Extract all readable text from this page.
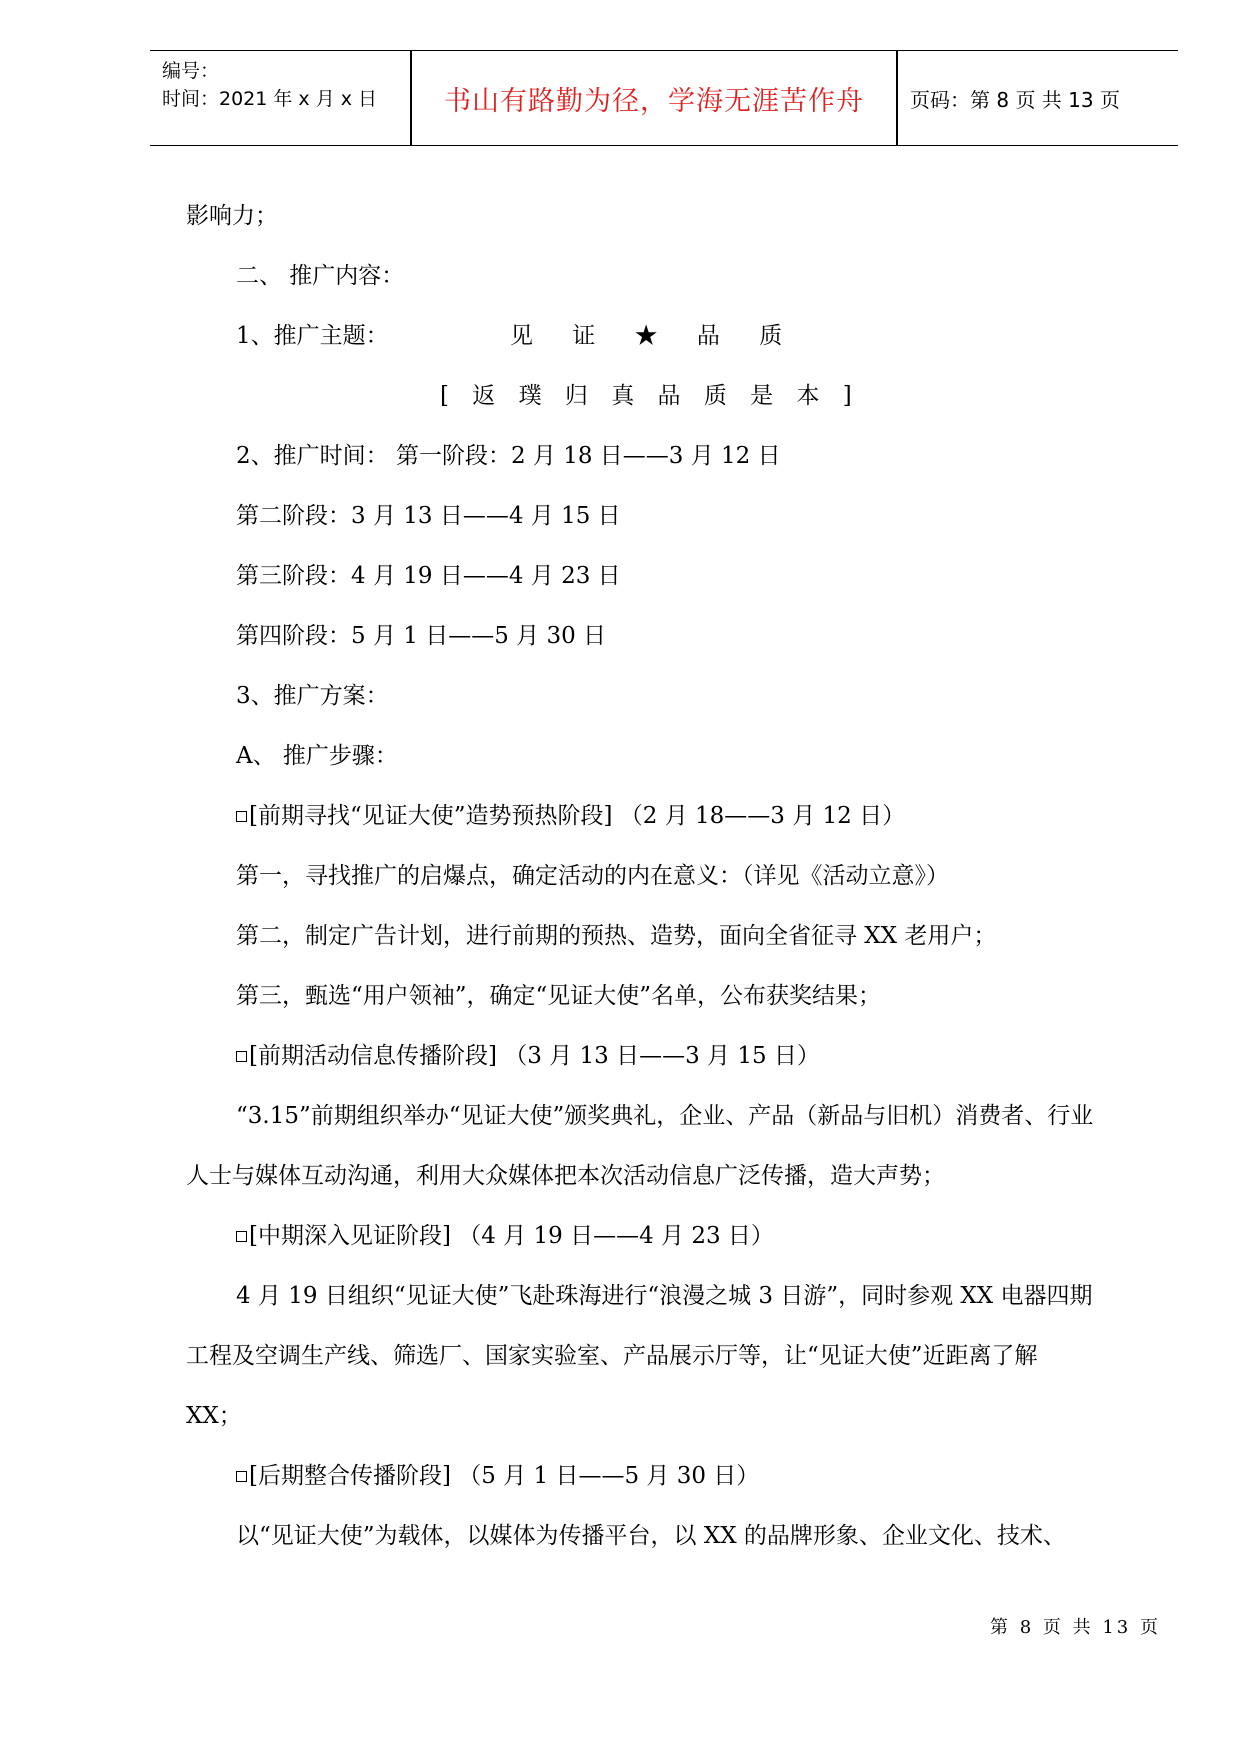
编号：
时间：2021 年 x 月 x 日	书山有路勤为径，学海无涯苦作舟	页码：第 8 页 共 13 页
影响力；
二、 推广内容：
1、推广主题：	见 证 ★ 品 质
[ 返 璞 归 真 品 质 是 本 ]
2、推广时间： 第一阶段：2 月 18 日——3 月 12 日
第二阶段：3 月 13 日——4 月 15 日
第三阶段：4 月 19 日——4 月 23 日
第四阶段：5 月 1 日——5 月 30 日
3、推广方案：
A、 推广步骤：
[前期寻找“见证大使”造势预热阶段] （2 月 18——3 月 12 日）
第一，寻找推广的启爆点，确定活动的内在意义：（详见《活动立意》）
第二，制定广告计划，进行前期的预热、造势，面向全省征寻 XX 老用户；
第三，甄选“用户领袖”，确定“见证大使”名单，公布获奖结果；
[前期活动信息传播阶段] （3 月 13 日——3 月 15 日）
“3.15”前期组织举办“见证大使”颁奖典礼，企业、产品（新品与旧机）消费者、行业
人士与媒体互动沟通，利用大众媒体把本次活动信息广泛传播，造大声势；
[中期深入见证阶段] （4 月 19 日——4 月 23 日）
4 月 19 日组织“见证大使”飞赴珠海进行“浪漫之城 3 日游”，同时参观 XX 电器四期
工程及空调生产线、筛选厂、国家实验室、产品展示厅等，让“见证大使”近距离了解
XX；
[后期整合传播阶段] （5 月 1 日——5 月 30 日）
以“见证大使”为载体，以媒体为传播平台，以 XX 的品牌形象、企业文化、技术、
第 8 页 共 13 页
